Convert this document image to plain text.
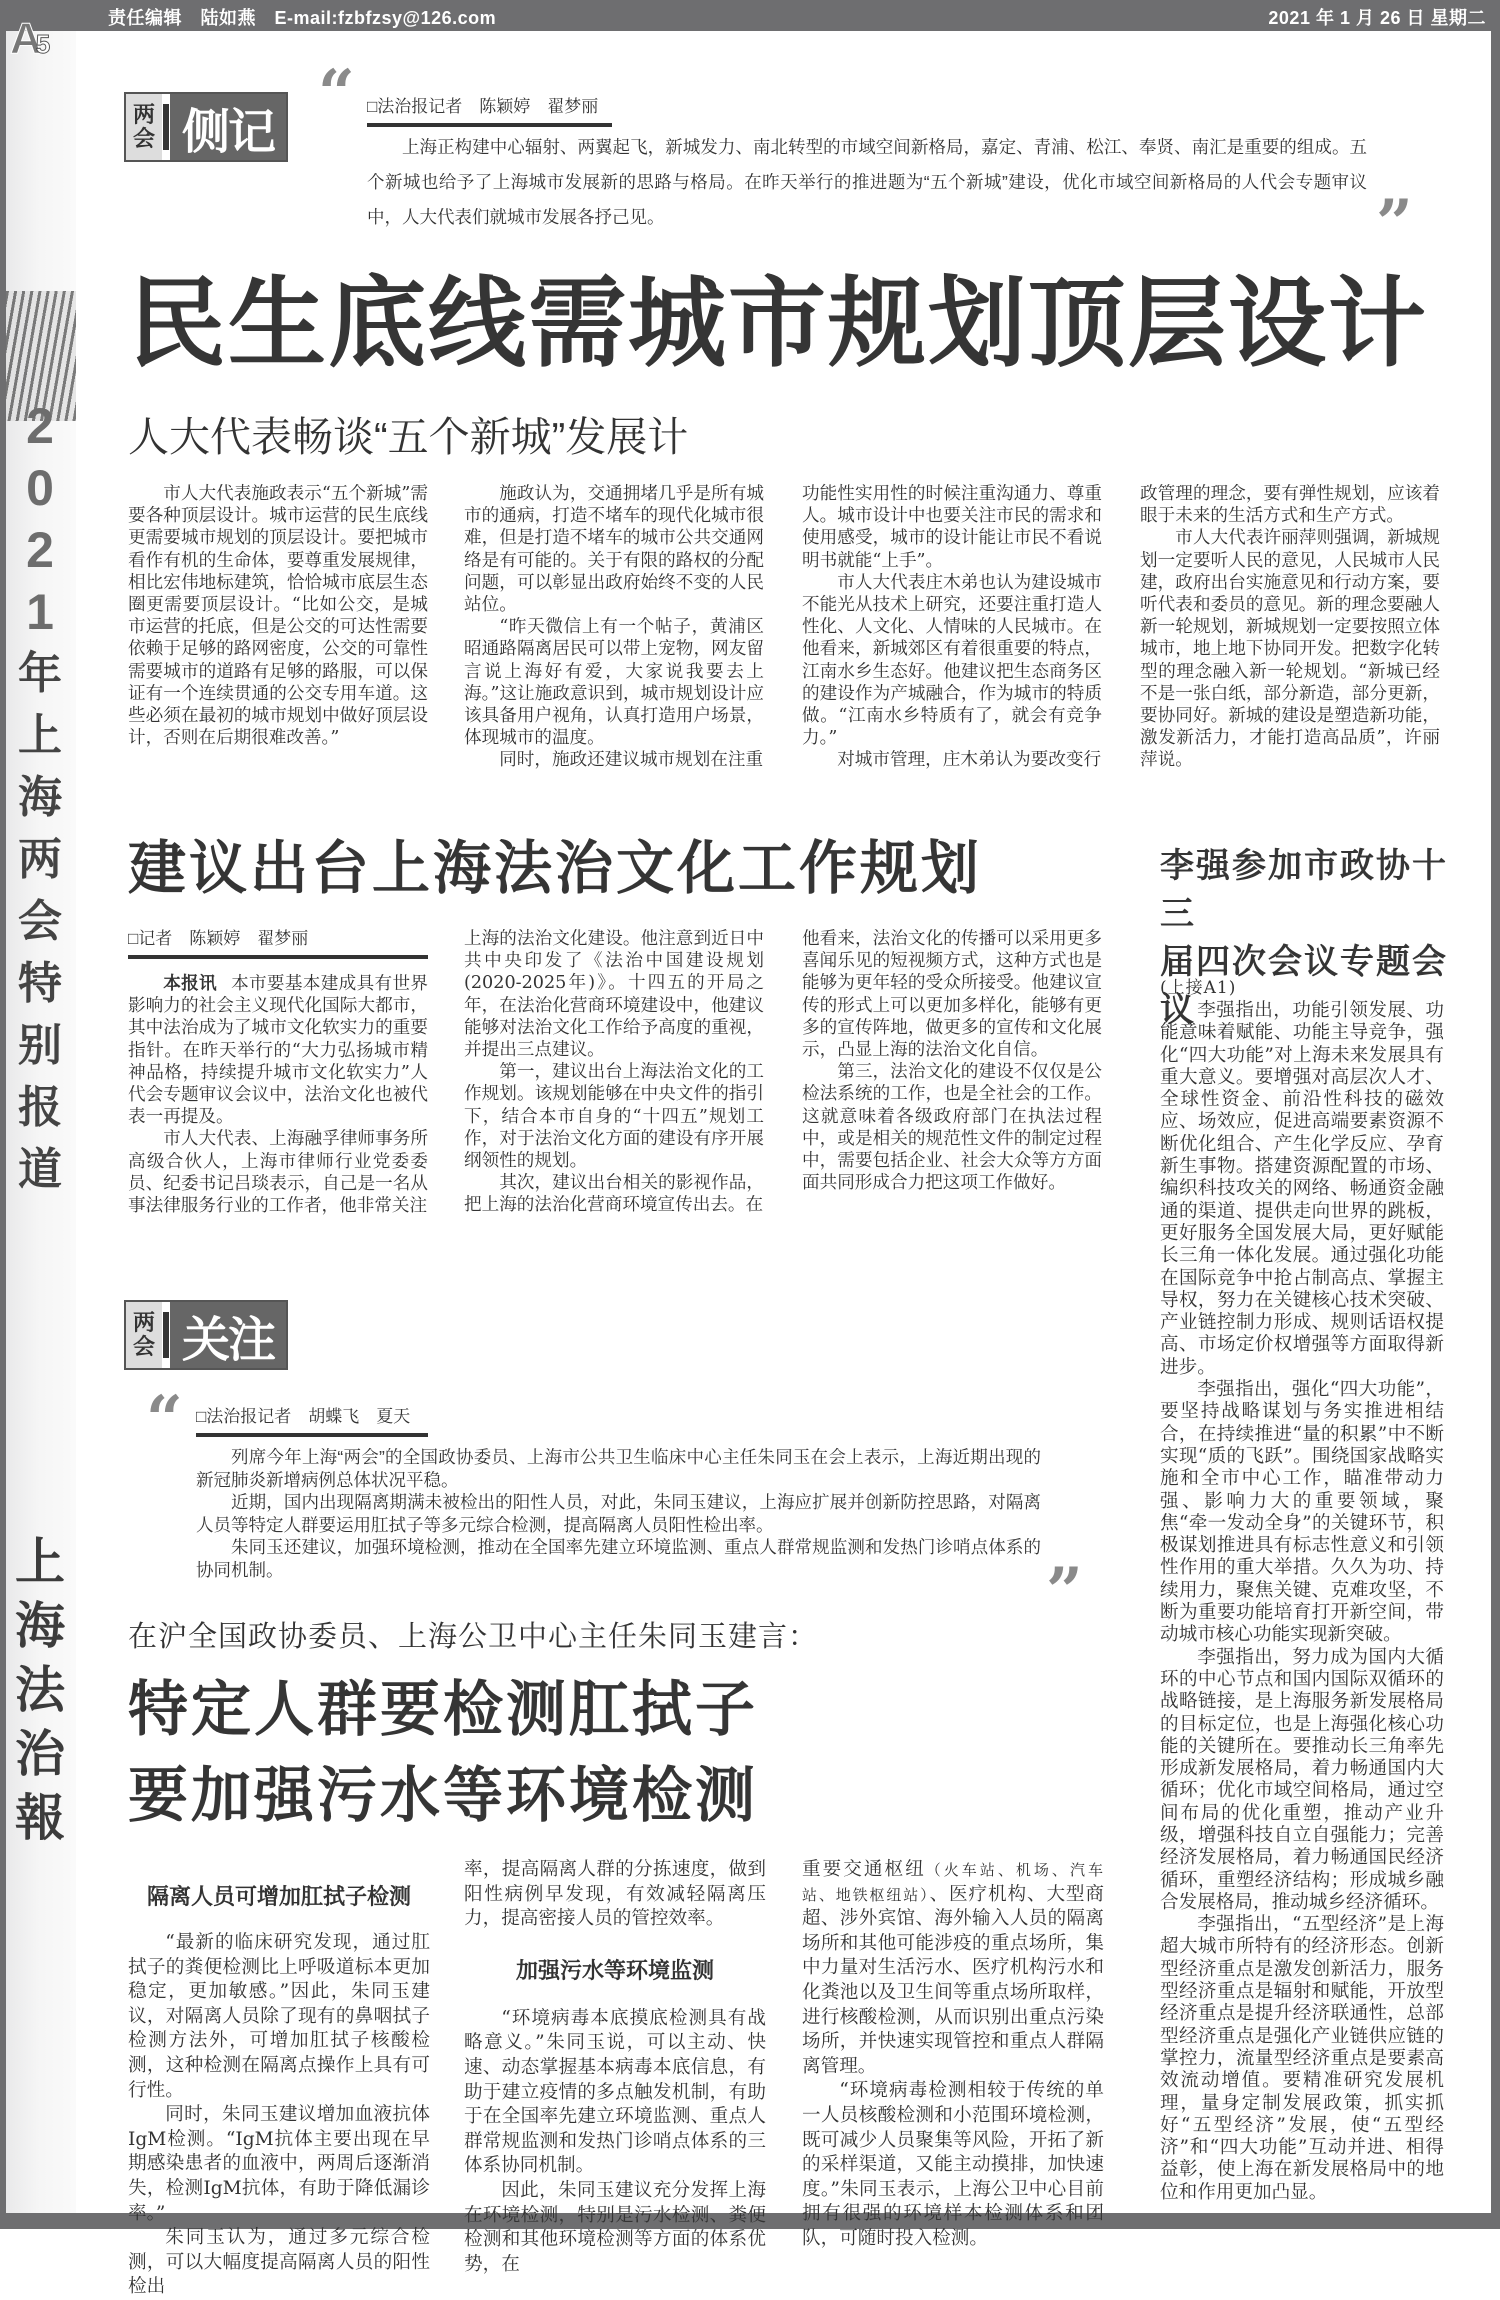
责任编辑　陆如燕　E-mail:fzbfzsy@126.com	2021 年 1 月 26 日 星期二
A5
2
0
2
1
年
上
海
两
会
特
别
报
道
上
海
法
治
報
两
会 侧记
“ □法治报记者　陈颖婷　翟梦丽

上海正构建中心辐射、两翼起飞，新城发力、南北转型的市域空间新格局，嘉定、青浦、松江、奉贤、南汇是重要的组成。五个新城也给予了上海城市发展新的思路与格局。在昨天举行的推进题为“五个新城”建设，优化市域空间新格局的人代会专题审议中，人大代表们就城市发展各抒己见。	”
民生底线需城市规划顶层设计
人大代表畅谈“五个新城”发展计

市人大代表施政表示“五个新城”需要各种顶层设计。城市运营的民生底线更需要城市规划的顶层设计。要把城市看作有机的生命体，要尊重发展规律，相比宏伟地标建筑，恰恰城市底层生态圈更需要顶层设计。“比如公交，是城市运营的托底，但是公交的可达性需要依赖于足够的路网密度，公交的可靠性需要城市的道路有足够的路服，可以保证有一个连续贯通的公交专用车道。这些必须在最初的城市规划中做好顶层设计，否则在后期很难改善。”

施政认为，交通拥堵几乎是所有城市的通病，打造不堵车的现代化城市很难，但是打造不堵车的城市公共交通网络是有可能的。关于有限的路权的分配问题，可以彰显出政府始终不变的人民站位。

“昨天微信上有一个帖子，黄浦区昭通路隔离居民可以带上宠物，网友留言说上海好有爱，大家说我要去上海。”这让施政意识到，城市规划设计应该具备用户视角，认真打造用户场景，体现城市的温度。

同时，施政还建议城市规划在注重

功能性实用性的时候注重沟通力、尊重人。城市设计中也要关注市民的需求和使用感受，城市的设计能让市民不看说明书就能“上手”。

市人大代表庄木弟也认为建设城市不能光从技术上研究，还要注重打造人性化、人文化、人情味的人民城市。在他看来，新城郊区有着很重要的特点，江南水乡生态好。他建议把生态商务区的建设作为产城融合，作为城市的特质做。“江南水乡特质有了，就会有竞争力。”

对城市管理，庄木弟认为要改变行

政管理的理念，要有弹性规划，应该着眼于未来的生活方式和生产方式。

市人大代表许丽萍则强调，新城规划一定要听人民的意见，人民城市人民建，政府出台实施意见和行动方案，要听代表和委员的意见。新的理念要融人新一轮规划，新城规划一定要按照立体城市，地上地下协同开发。把数字化转型的理念融入新一轮规划。“新城已经不是一张白纸，部分新造，部分更新，要协同好。新城的建设是塑造新功能，激发新活力，才能打造高品质”，许丽萍说。

建议出台上海法治文化工作规划
□记者　陈颖婷　翟梦丽

本报讯 本市要基本建成具有世界影响力的社会主义现代化国际大都市，其中法治成为了城市文化软实力的重要指针。在昨天举行的“大力弘扬城市精神品格，持续提升城市文化软实力”人代会专题审议会议中，法治文化也被代表一再提及。

市人大代表、上海融孚律师事务所高级合伙人，上海市律师行业党委委员、纪委书记吕琰表示，自己是一名从事法律服务行业的工作者，他非常关注

上海的法治文化建设。他注意到近日中共中央印发了《法治中国建设规划(2020-2025年)》。十四五的开局之年，在法治化营商环境建设中，他建议能够对法治文化工作给予高度的重视，并提出三点建议。

第一，建议出台上海法治文化的工作规划。该规划能够在中央文件的指引下，结合本市自身的“十四五”规划工作，对于法治文化方面的建设有序开展纲领性的规划。

其次，建议出台相关的影视作品，把上海的法治化营商环境宣传出去。在

他看来，法治文化的传播可以采用更多喜闻乐见的短视频方式，这种方式也是能够为更年轻的受众所接受。他建议宣传的形式上可以更加多样化，能够有更多的宣传阵地，做更多的宣传和文化展示，凸显上海的法治文化自信。

第三，法治文化的建设不仅仅是公检法系统的工作，也是全社会的工作。这就意味着各级政府部门在执法过程中，或是相关的规范性文件的制定过程中，需要包括企业、社会大众等方方面面共同形成合力把这项工作做好。

李强参加市政协十三
届四次会议专题会议

(上接A1)

李强指出，功能引领发展、功能意味着赋能、功能主导竞争，强化“四大功能”对上海未来发展具有重大意义。要增强对高层次人才、全球性资金、前沿性科技的磁效应、场效应，促进高端要素资源不断优化组合、产生化学反应、孕育新生事物。搭建资源配置的市场、编织科技攻关的网络、畅通资金融通的渠道、提供走向世界的跳板，更好服务全国发展大局，更好赋能长三角一体化发展。通过强化功能在国际竞争中抢占制高点、掌握主导权，努力在关键核心技术突破、产业链控制力形成、规则话语权提高、市场定价权增强等方面取得新进步。

李强指出，强化“四大功能”，要坚持战略谋划与务实推进相结合，在持续推进“量的积累”中不断实现“质的飞跃”。围绕国家战略实施和全市中心工作，瞄准带动力强、影响力大的重要领域，聚焦“牵一发动全身”的关键环节，积极谋划推进具有标志性意义和引领性作用的重大举措。久久为功、持续用力，聚焦关键、克难攻坚，不断为重要功能培育打开新空间，带动城市核心功能实现新突破。

李强指出，努力成为国内大循环的中心节点和国内国际双循环的战略链接，是上海服务新发展格局的目标定位，也是上海强化核心功能的关键所在。要推动长三角率先形成新发展格局，着力畅通国内大循环；优化市域空间格局，通过空间布局的优化重塑，推动产业升级，增强科技自立自强能力；完善经济发展格局，着力畅通国民经济循环，重塑经济结构；形成城乡融合发展格局，推动城乡经济循环。

李强指出，“五型经济”是上海超大城市所特有的经济形态。创新型经济重点是激发创新活力，服务型经济重点是辐射和赋能，开放型经济重点是提升经济联通性，总部型经济重点是强化产业链供应链的掌控力，流量型经济重点是要素高效流动增值。要精准研究发展机理，量身定制发展政策，抓实抓好“五型经济”发展，使“五型经济”和“四大功能”互动并进、相得益彰，使上海在新发展格局中的地位和作用更加凸显。

两
会 关注
“ □法治报记者　胡蝶飞　夏天

列席今年上海“两会”的全国政协委员、上海市公共卫生临床中心主任朱同玉在会上表示，上海近期出现的新冠肺炎新增病例总体状况平稳。

近期，国内出现隔离期满未被检出的阳性人员，对此，朱同玉建议，上海应扩展并创新防控思路，对隔离人员等特定人群要运用肛拭子等多元综合检测，提高隔离人员阳性检出率。

朱同玉还建议，加强环境检测，推动在全国率先建立环境监测、重点人群常规监测和发热门诊哨点体系的协同机制。	”
在沪全国政协委员、上海公卫中心主任朱同玉建言：
特定人群要检测肛拭子
要加强污水等环境检测
隔离人员可增加肛拭子检测

“最新的临床研究发现，通过肛拭子的粪便检测比上呼吸道标本更加稳定，更加敏感。”因此，朱同玉建议，对隔离人员除了现有的鼻咽拭子检测方法外，可增加肛拭子核酸检测，这种检测在隔离点操作上具有可行性。

同时，朱同玉建议增加血液抗体IgM检测。“IgM抗体主要出现在早期感染患者的血液中，两周后逐渐消失，检测IgM抗体，有助于降低漏诊率。”

朱同玉认为，通过多元综合检测，可以大幅度提高隔离人员的阳性检出

率，提高隔离人群的分拣速度，做到阳性病例早发现，有效减轻隔离压力，提高密接人员的管控效率。

加强污水等环境监测

“环境病毒本底摸底检测具有战略意义。”朱同玉说，可以主动、快速、动态掌握基本病毒本底信息，有助于建立疫情的多点触发机制，有助于在全国率先建立环境监测、重点人群常规监测和发热门诊哨点体系的三体系协同机制。

因此，朱同玉建议充分发挥上海在环境检测，特别是污水检测、粪便检测和其他环境检测等方面的体系优势，在

重要交通枢纽（火车站、机场、汽车站、地铁枢纽站）、医疗机构、大型商超、涉外宾馆、海外输入人员的隔离场所和其他可能涉疫的重点场所，集中力量对生活污水、医疗机构污水和化粪池以及卫生间等重点场所取样，进行核酸检测，从而识别出重点污染场所，并快速实现管控和重点人群隔离管理。

“环境病毒检测相较于传统的单一人员核酸检测和小范围环境检测，既可减少人员聚集等风险，开拓了新的采样渠道，又能主动摸排，加快速度。”朱同玉表示，上海公卫中心目前拥有很强的环境样本检测体系和团队，可随时投入检测。
